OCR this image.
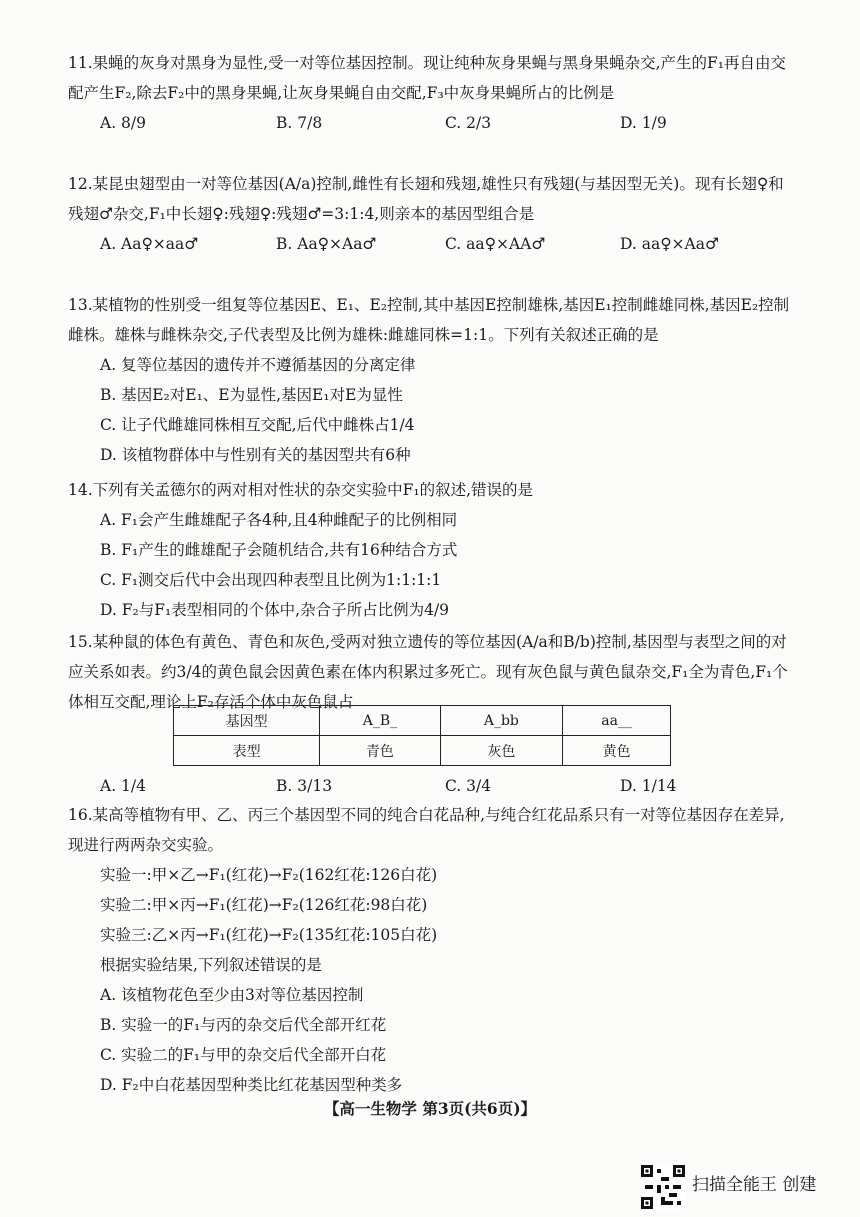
11.果蝇的灰身对黑身为显性,受一对等位基因控制。现让纯种灰身果蝇与黑身果蝇杂交,产生的F₁再自由交配产生F₂,除去F₂中的黑身果蝇,让灰身果蝇自由交配,F₃中灰身果蝇所占的比例是
A. 8/9	B. 7/8	C. 2/3	D. 1/9
12.某昆虫翅型由一对等位基因(A/a)控制,雌性有长翅和残翅,雄性只有残翅(与基因型无关)。现有长翅♀和残翅♂杂交,F₁中长翅♀:残翅♀:残翅♂=3:1:4,则亲本的基因型组合是
A. Aa♀×aa♂	B. Aa♀×Aa♂	C. aa♀×AA♂	D. aa♀×Aa♂
13.某植物的性别受一组复等位基因E、E₁、E₂控制,其中基因E控制雄株,基因E₁控制雌雄同株,基因E₂控制雌株。雄株与雌株杂交,子代表型及比例为雄株:雌雄同株=1:1。下列有关叙述正确的是
A. 复等位基因的遗传并不遵循基因的分离定律
B. 基因E₂对E₁、E为显性,基因E₁对E为显性
C. 让子代雌雄同株相互交配,后代中雌株占1/4
D. 该植物群体中与性别有关的基因型共有6种
14.下列有关孟德尔的两对相对性状的杂交实验中F₁的叙述,错误的是
A. F₁会产生雌雄配子各4种,且4种雌配子的比例相同
B. F₁产生的雌雄配子会随机结合,共有16种结合方式
C. F₁测交后代中会出现四种表型且比例为1:1:1:1
D. F₂与F₁表型相同的个体中,杂合子所占比例为4/9
15.某种鼠的体色有黄色、青色和灰色,受两对独立遗传的等位基因(A/a和B/b)控制,基因型与表型之间的对应关系如表。约3/4的黄色鼠会因黄色素在体内积累过多死亡。现有灰色鼠与黄色鼠杂交,F₁全为青色,F₁个体相互交配,理论上F₂存活个体中灰色鼠占
基因型	A_B_	A_bb	aa__
表型	青色	灰色	黄色
A. 1/4	B. 3/13	C. 3/4	D. 1/14
16.某高等植物有甲、乙、丙三个基因型不同的纯合白花品种,与纯合红花品系只有一对等位基因存在差异,现进行两两杂交实验。
实验一:甲×乙→F₁(红花)→F₂(162红花:126白花)
实验二:甲×丙→F₁(红花)→F₂(126红花:98白花)
实验三:乙×丙→F₁(红花)→F₂(135红花:105白花)
根据实验结果,下列叙述错误的是
A. 该植物花色至少由3对等位基因控制
B. 实验一的F₁与丙的杂交后代全部开红花
C. 实验二的F₁与甲的杂交后代全部开白花
D. F₂中白花基因型种类比红花基因型种类多
【高一生物学 第3页(共6页)】
扫描全能王 创建
